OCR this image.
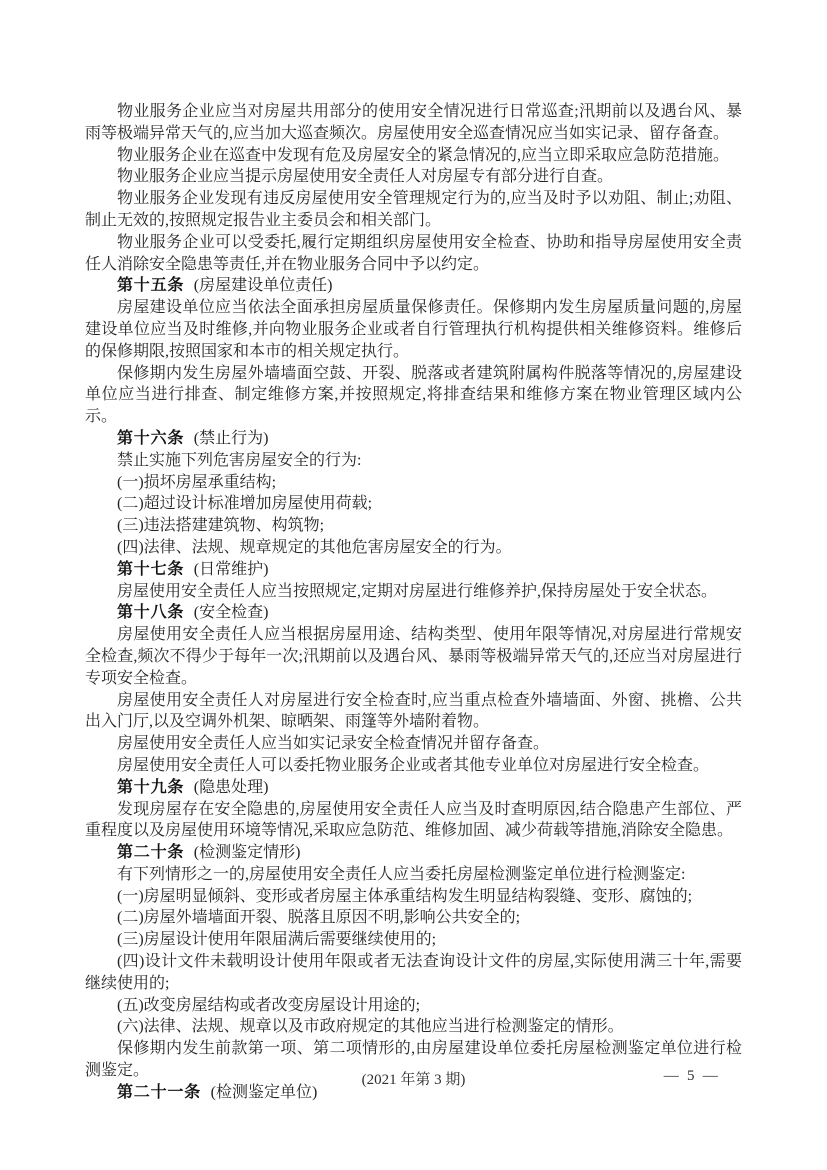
物业服务企业应当对房屋共用部分的使用安全情况进行日常巡查;汛期前以及遇台风、暴雨等极端异常天气的,应当加大巡查频次。房屋使用安全巡查情况应当如实记录、留存备查。

物业服务企业在巡查中发现有危及房屋安全的紧急情况的,应当立即采取应急防范措施。

物业服务企业应当提示房屋使用安全责任人对房屋专有部分进行自查。

物业服务企业发现有违反房屋使用安全管理规定行为的,应当及时予以劝阻、制止;劝阻、制止无效的,按照规定报告业主委员会和相关部门。

物业服务企业可以受委托,履行定期组织房屋使用安全检查、协助和指导房屋使用安全责任人消除安全隐患等责任,并在物业服务合同中予以约定。

第十五条 (房屋建设单位责任)

房屋建设单位应当依法全面承担房屋质量保修责任。保修期内发生房屋质量问题的,房屋建设单位应当及时维修,并向物业服务企业或者自行管理执行机构提供相关维修资料。维修后的保修期限,按照国家和本市的相关规定执行。

保修期内发生房屋外墙墙面空鼓、开裂、脱落或者建筑附属构件脱落等情况的,房屋建设单位应当进行排查、制定维修方案,并按照规定,将排查结果和维修方案在物业管理区域内公示。

第十六条 (禁止行为)

禁止实施下列危害房屋安全的行为:

(一)损坏房屋承重结构;

(二)超过设计标准增加房屋使用荷载;

(三)违法搭建建筑物、构筑物;

(四)法律、法规、规章规定的其他危害房屋安全的行为。

第十七条 (日常维护)

房屋使用安全责任人应当按照规定,定期对房屋进行维修养护,保持房屋处于安全状态。

第十八条 (安全检查)

房屋使用安全责任人应当根据房屋用途、结构类型、使用年限等情况,对房屋进行常规安全检查,频次不得少于每年一次;汛期前以及遇台风、暴雨等极端异常天气的,还应当对房屋进行专项安全检查。

房屋使用安全责任人对房屋进行安全检查时,应当重点检查外墙墙面、外窗、挑檐、公共出入门厅,以及空调外机架、晾晒架、雨篷等外墙附着物。

房屋使用安全责任人应当如实记录安全检查情况并留存备查。

房屋使用安全责任人可以委托物业服务企业或者其他专业单位对房屋进行安全检查。

第十九条 (隐患处理)

发现房屋存在安全隐患的,房屋使用安全责任人应当及时查明原因,结合隐患产生部位、严重程度以及房屋使用环境等情况,采取应急防范、维修加固、减少荷载等措施,消除安全隐患。

第二十条 (检测鉴定情形)

有下列情形之一的,房屋使用安全责任人应当委托房屋检测鉴定单位进行检测鉴定:

(一)房屋明显倾斜、变形或者房屋主体承重结构发生明显结构裂缝、变形、腐蚀的;

(二)房屋外墙墙面开裂、脱落且原因不明,影响公共安全的;

(三)房屋设计使用年限届满后需要继续使用的;

(四)设计文件未载明设计使用年限或者无法查询设计文件的房屋,实际使用满三十年,需要继续使用的;

(五)改变房屋结构或者改变房屋设计用途的;

(六)法律、法规、规章以及市政府规定的其他应当进行检测鉴定的情形。

保修期内发生前款第一项、第二项情形的,由房屋建设单位委托房屋检测鉴定单位进行检测鉴定。

第二十一条 (检测鉴定单位)

(2021 年第 3 期)	— 5 —
